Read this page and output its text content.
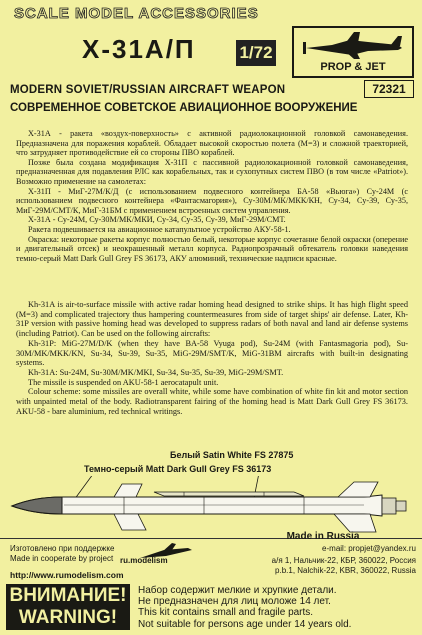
SCALE MODEL ACCESSORIES
Х-31А/П	1/72
PROP & JET
MODERN SOVIET/RUSSIAN AIRCRAFT WEAPON	72321
СОВРЕМЕННОЕ СОВЕТСКОЕ АВИАЦИОННОЕ ВООРУЖЕНИЕ

Х-31А - ракета «воздух-поверхность» с активной радиолокационной головкой самонаведения. Предназначена для поражения кораблей. Обладает высокой скоростью полета (М=3) и сложной траекторией, что затрудняет противодействие ей со стороны ПВО кораблей.

Позже была создана модификация Х-31П с пассивной радиолокационной головкой самонаведения, предназначенная для подавления РЛС как корабельных, так и сухопутных систем ПВО (в том числе «Patriot»). Возможно применение на самолетах:

Х-31П - МиГ-27М/К/Д (с использованием подвесного контейнера БА-58 «Вьюга») Су-24М (с использованием подвесного контейнера «Фантасмагория»), Су-30М/МК/МКК/КН, Су-34, Су-39, Су-35, МиГ-29М/СМТ/К, МиГ-31БМ с применением встроенных систем управления.

Х-31А - Су-24М, Су-30М/МК/МКИ, Су-34, Су-35, Су-39, МиГ-29М/СМТ.

Ракета подвешивается на авиационное катапультное устройство АКУ-58-1.

Окраска: некоторые ракеты корпус полностью белый, некоторые корпус сочетание белой окраски (оперение и двигательный отсек) и неокрашенный металл корпуса. Радиопрозрачный обтекатель головки наведения темно-серый Matt Dark Gull Grey FS 36173, АКУ алюминий, технические надписи красные.

Kh-31A is air-to-surface missile with active radar homing head designed to strike ships. It has high flight speed (M=3) and complicated trajectory thus hampering countermeasures from side of target ships' air defense. Later, Kh-31P version with passive homing head was developed to suppress radars of both naval and land air defense systems (including Patriot). Can be used on the following aircrafts:

Kh-31P: MiG-27M/D/K (when they have BA-58 Vyuga pod), Su-24M (with Fantasmagoria pod), Su-30M/MK/MKK/KN, Su-34, Su-39, Su-35, MiG-29M/SMT/K, MiG-31BM aircrafts with built-in designating systems.

Kh-31A: Su-24M, Su-30M/MK/MKI, Su-34, Su-35, Su-39, MiG-29M/SMT.

The missile is suspended on AKU-58-1 aerocatapult unit.

Colour scheme: some missiles are overall white, while some have combination of white fin kit and motor section with unpainted metal of the body. Radiotransparent fairing of the homing head is Matt Dark Gull Grey FS 36173. AKU-58 - bare aluminium, red technical writings.

Белый Satin White FS 27875
Темно-серый Matt Dark Gull Grey FS 36173
Изготовлено при поддержке
Made in cooperate by project ru.modelism
Made in Russia
e-mail: propjet@yandex.ru
а/я 1, Нальчик-22, КБР, 360022, Россия
p.b.1, Nalchik-22, KBR, 360022, Russia
http://www.rumodelism.com
ВНИМАНИЕ!
WARNING!
Набор содержит мелкие и хрупкие детали.
Не предназначен для лиц моложе 14 лет.
This kit contains small and fragile parts.
Not suitable for persons age under 14 years old.
